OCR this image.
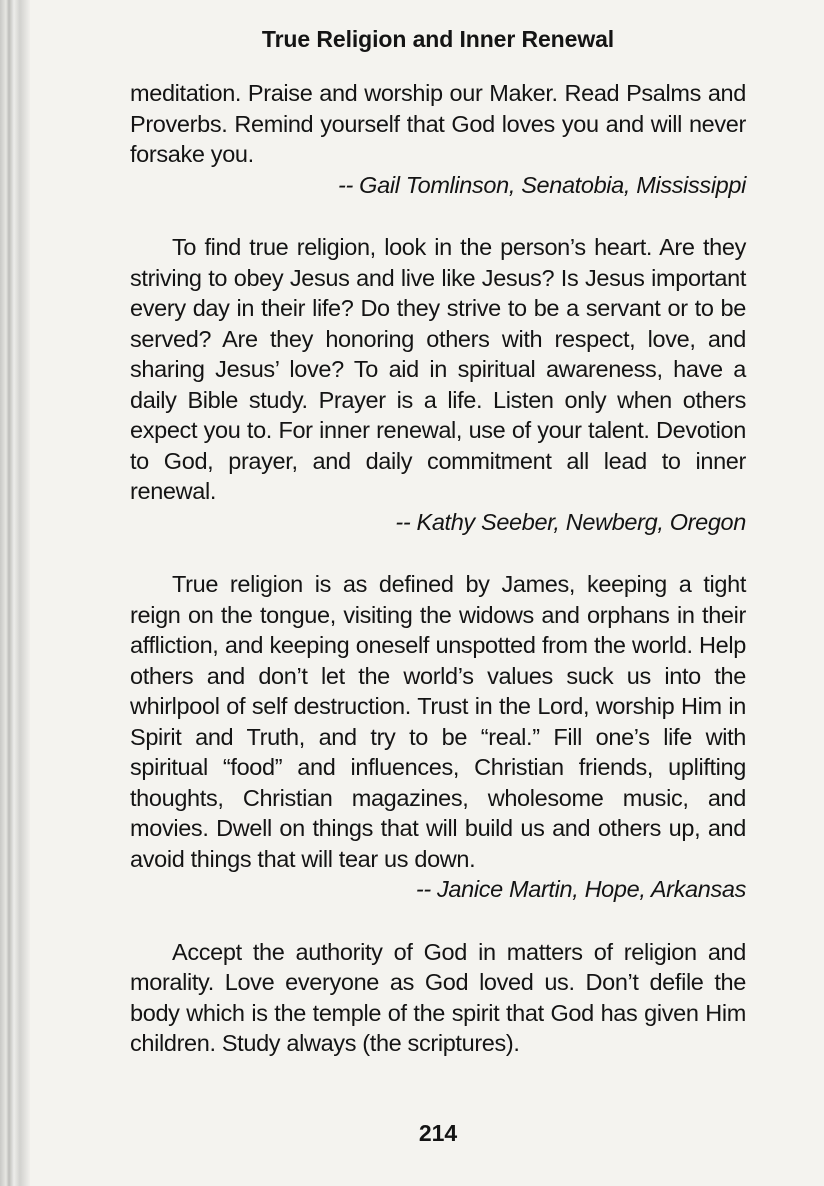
True Religion and Inner Renewal

meditation. Praise and worship our Maker. Read Psalms and Proverbs. Remind yourself that God loves you and will never forsake you.

-- Gail Tomlinson, Senatobia, Mississippi

To find true religion, look in the person’s heart. Are they striving to obey Jesus and live like Jesus? Is Jesus important every day in their life? Do they strive to be a servant or to be served? Are they honoring others with respect, love, and sharing Jesus’ love? To aid in spiritual awareness, have a daily Bible study. Prayer is a life. Listen only when others expect you to. For inner renewal, use of your talent. Devotion to God, prayer, and daily commitment all lead to inner renewal.

-- Kathy Seeber, Newberg, Oregon

True religion is as defined by James, keeping a tight reign on the tongue, visiting the widows and orphans in their affliction, and keeping oneself unspotted from the world. Help others and don’t let the world’s values suck us into the whirlpool of self destruction. Trust in the Lord, worship Him in Spirit and Truth, and try to be “real.” Fill one’s life with spiritual “food” and influences, Christian friends, uplifting thoughts, Christian magazines, wholesome music, and movies. Dwell on things that will build us and others up, and avoid things that will tear us down.

-- Janice Martin, Hope, Arkansas

Accept the authority of God in matters of religion and morality. Love everyone as God loved us. Don’t defile the body which is the temple of the spirit that God has given Him children. Study always (the scriptures).

214
